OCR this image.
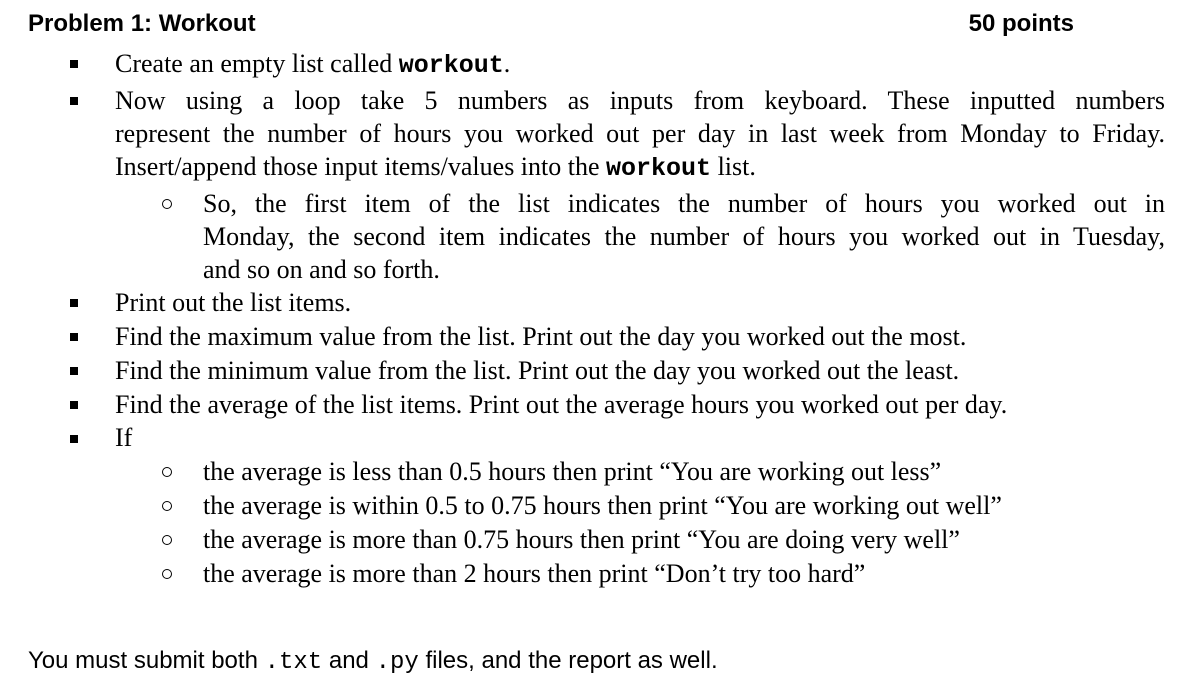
Problem 1: Workout	50 points
Create an empty list called workout.
Now using a loop take 5 numbers as inputs from keyboard. These inputted numbers
represent the number of hours you worked out per day in last week from Monday to Friday.
Insert/append those input items/values into the workout list.
So, the first item of the list indicates the number of hours you worked out in
Monday, the second item indicates the number of hours you worked out in Tuesday,
and so on and so forth.
Print out the list items.
Find the maximum value from the list. Print out the day you worked out the most.
Find the minimum value from the list. Print out the day you worked out the least.
Find the average of the list items. Print out the average hours you worked out per day.
If
the average is less than 0.5 hours then print “You are working out less”
the average is within 0.5 to 0.75 hours then print “You are working out well”
the average is more than 0.75 hours then print “You are doing very well”
the average is more than 2 hours then print “Don’t try too hard”
You must submit both .txt and .py files, and the report as well.
